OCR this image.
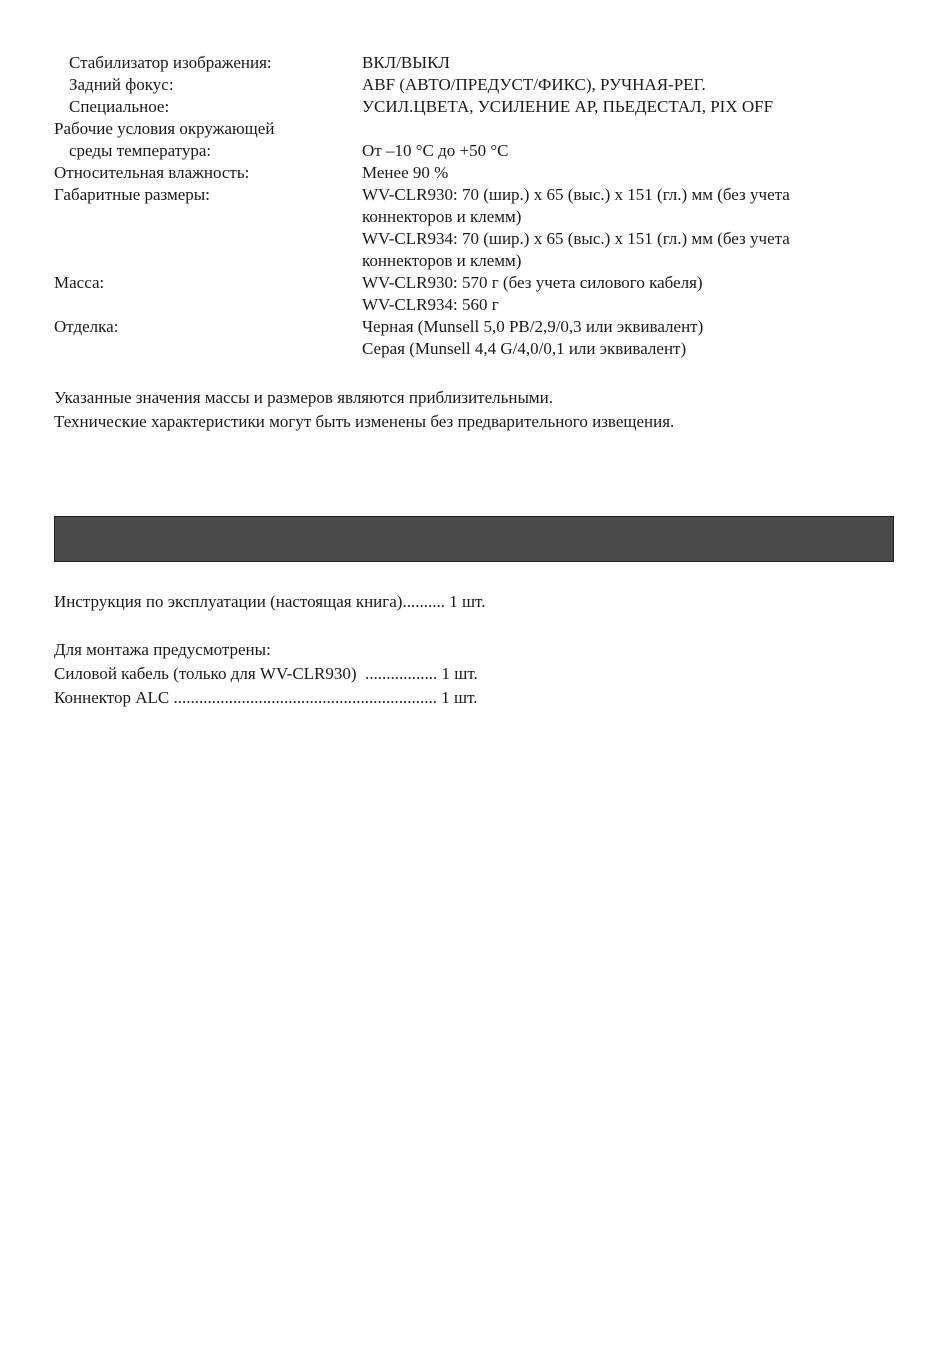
Стабилизатор изображения:	ВКЛ/ВЫКЛ
Задний фокус:	ABF (АВТО/ПРЕДУСТ/ФИКС), РУЧНАЯ-РЕГ.
Специальное:	УСИЛ.ЦВЕТА, УСИЛЕНИЕ АР, ПЬЕДЕСТАЛ, PIX OFF
Рабочие условия окружающей
среды температура:	От –10 °C до +50 °C
Относительная влажность:	Менее 90 %
Габаритные размеры:	WV-CLR930: 70 (шир.) x 65 (выс.) x 151 (гл.) мм (без учета
коннекторов и клемм)
WV-CLR934: 70 (шир.) x 65 (выс.) x 151 (гл.) мм (без учета
коннекторов и клемм)
Масса:	WV-CLR930: 570 г (без учета силового кабеля)
WV-CLR934: 560 г
Отделка:	Черная (Munsell 5,0 PB/2,9/0,3 или эквивалент)
Серая (Munsell 4,4 G/4,0/0,1 или эквивалент)
Указанные значения массы и размеров являются приблизительными.
Технические характеристики могут быть изменены без предварительного извещения.
Инструкция по эксплуатации (настоящая книга).......... 1 шт.
Для монтажа предусмотрены:
Силовой кабель (только для WV-CLR930)  ................. 1 шт.
Коннектор ALC .............................................................. 1 шт.
